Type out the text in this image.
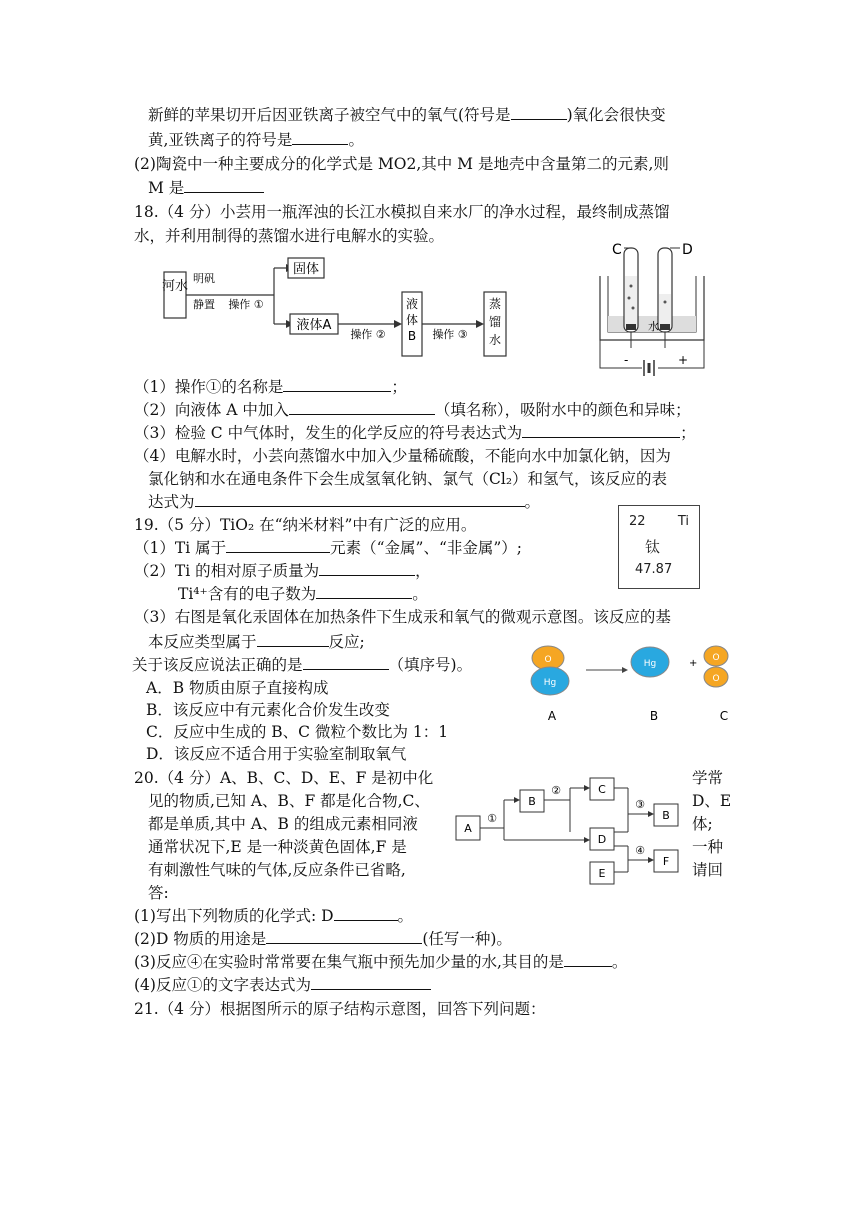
新鲜的苹果切开后因亚铁离子被空气中的氧气(符号是	)氧化会很快变
黄,亚铁离子的符号是	。
(2)陶瓷中一种主要成分的化学式是 MO2,其中 M 是地壳中含量第二的元素,则
M 是
18.（4 分）小芸用一瓶浑浊的长江水模拟自来水厂的净水过程，最终制成蒸馏
水，并利用制得的蒸馏水进行电解水的实验。
河水
明矾
静置 操作 ①
固体
液体A
操作 ②
液
体
B 操作 ③
蒸
馏
水
C	D
水
-	+
（1）操作①的名称是	；
（2）向液体 A 中加入	（填名称），吸附水中的颜色和异味；
（3）检验 C 中气体时，发生的化学反应的符号表达式为	；
（4）电解水时，小芸向蒸馏水中加入少量稀硫酸，不能向水中加氯化钠，因为
氯化钠和水在通电条件下会生成氢氧化钠、氯气（Cl₂）和氢气，该反应的表
达式为	。
19.（5 分）TiO₂ 在“纳米材料”中有广泛的应用。
（1）Ti 属于	元素（“金属”、“非金属”）;
（2）Ti 的相对原子质量为	，
Ti⁴⁺含有的电子数为	。
（3）右图是氧化汞固体在加热条件下生成汞和氧气的微观示意图。该反应的基
本反应类型属于	反应;
关于该反应说法正确的是	（填序号)。
A．B 物质由原子直接构成
B．该反应中有元素化合价发生改变
C．反应中生成的 B、C 微粒个数比为 1：1
D．该反应不适合用于实验室制取氧气
22 Ti
钛
47.87
O
Hg
Hg	+ O
O
A	B	C
20.（4 分）A、B、C、D、E、F 是初中化
见的物质,已知 A、B、F 都是化合物,C、
都是单质,其中 A、B 的组成元素相同液
通常状况下,E 是一种淡黄色固体,F 是
有刺激性气味的气体,反应条件已省略,
答:
学常
D、E
体;
一种
请回
A
①
B
②	C
D
③
B
E
④
F
(1)写出下列物质的化学式: D	。
(2)D 物质的用途是	(任写一种)。
(3)反应④在实验时常常要在集气瓶中预先加少量的水,其目的是	。
(4)反应①的文字表达式为
21.（4 分）根据图所示的原子结构示意图，回答下列问题：
